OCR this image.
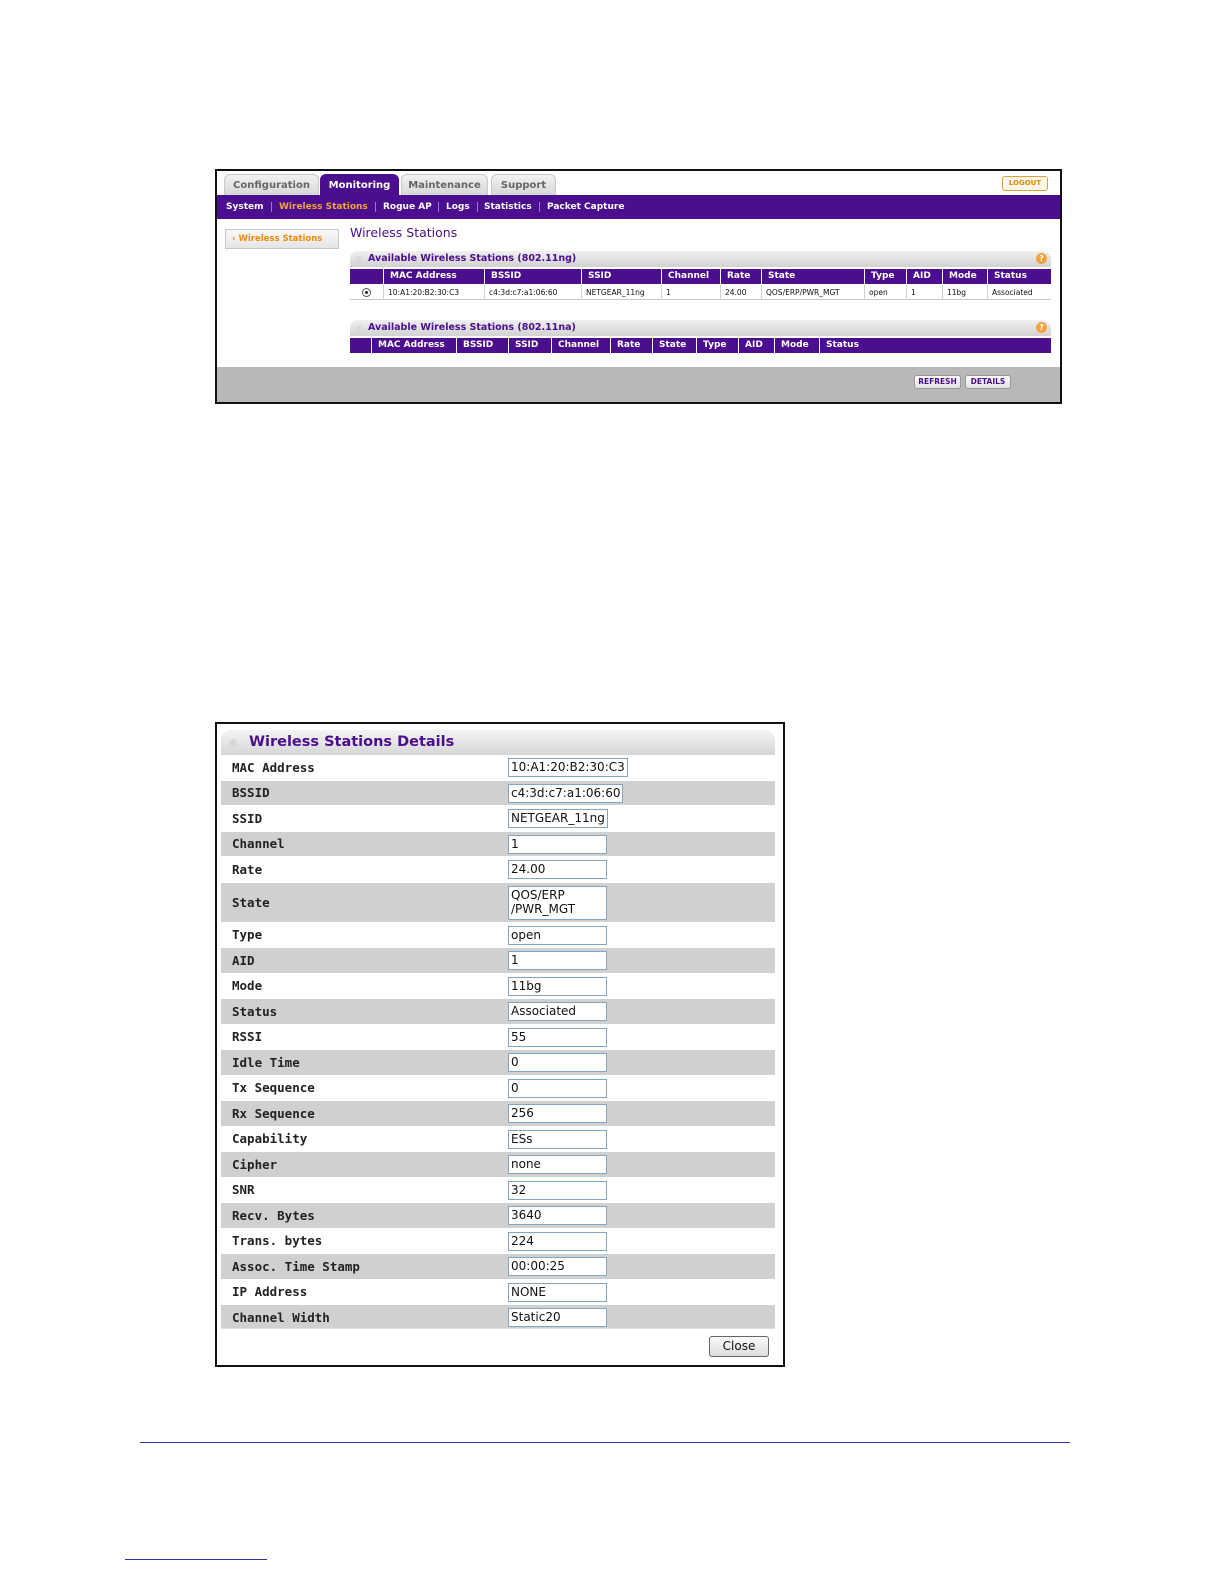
Configuration	Monitoring	Maintenance	Support	LOGOUT
System Wireless Stations Rogue AP Logs Statistics Packet Capture
› Wireless Stations	Wireless Stations
Available Wireless Stations (802.11ng)	?
MAC Address	BSSID	SSID	Channel	Rate	State	Type	AID	Mode	Status
10:A1:20:B2:30:C3	c4:3d:c7:a1:06:60	NETGEAR_11ng	1	24.00	QOS/ERP/PWR_MGT	open	1	11bg	Associated
Available Wireless Stations (802.11na)	?
MAC Address	BSSID	SSID	Channel	Rate	State	Type	AID	Mode	Status
REFRESH	DETAILS
Wireless Stations Details
MAC Address	10:A1:20:B2:30:C3
BSSID	c4:3d:c7:a1:06:60
SSID	NETGEAR_11ng
Channel	1
Rate	24.00
State	QOS/ERP
/PWR_MGT
Type	open
AID	1
Mode	11bg
Status	Associated
RSSI	55
Idle Time	0
Tx Sequence	0
Rx Sequence	256
Capability	ESs
Cipher	none
SNR	32
Recv. Bytes	3640
Trans. bytes	224
Assoc. Time Stamp	00:00:25
IP Address	NONE
Channel Width	Static20
Close
